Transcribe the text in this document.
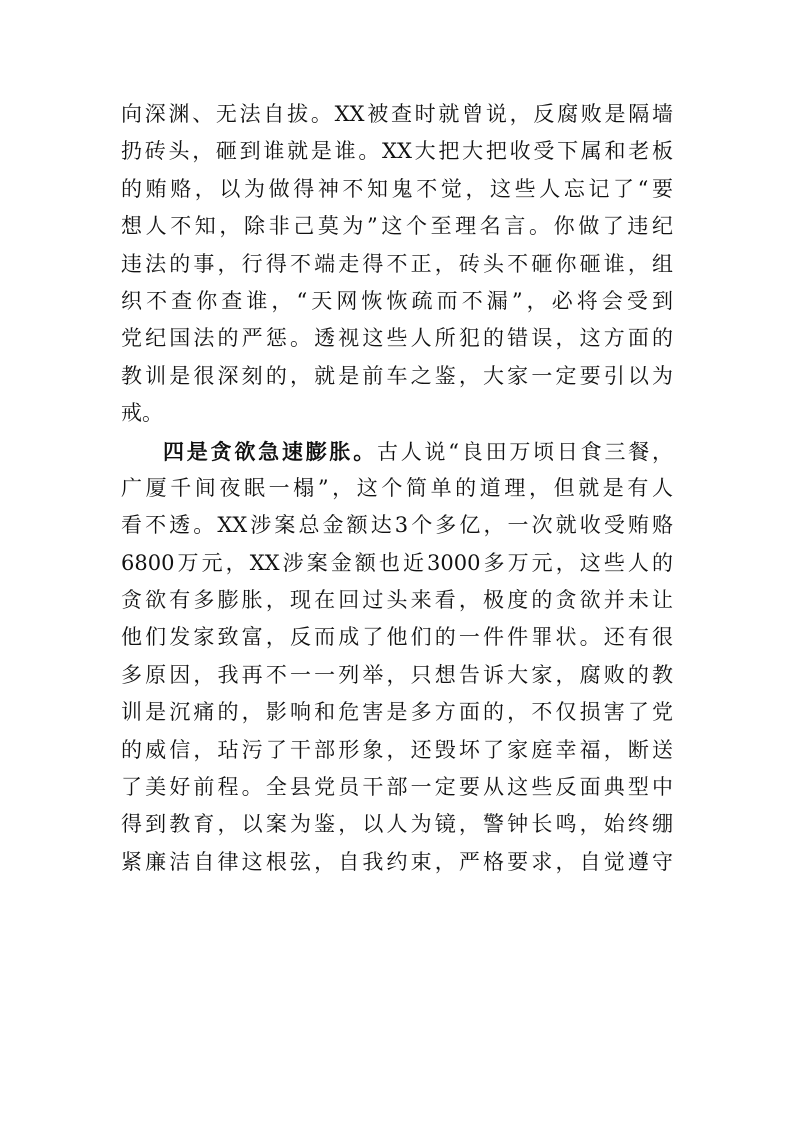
向深渊、无法自拔。XX被查时就曾说，反腐败是隔墙
扔砖头，砸到谁就是谁。XX大把大把收受下属和老板
的贿赂，以为做得神不知鬼不觉，这些人忘记了“要
想人不知，除非己莫为”这个至理名言。你做了违纪
违法的事，行得不端走得不正，砖头不砸你砸谁，组
织不查你查谁，“天网恢恢疏而不漏”，必将会受到
党纪国法的严惩。透视这些人所犯的错误，这方面的
教训是很深刻的，就是前车之鉴，大家一定要引以为
戒。
四是贪欲急速膨胀。古人说“良田万顷日食三餐，
广厦千间夜眠一榻”，这个简单的道理，但就是有人
看不透。XX涉案总金额达3个多亿，一次就收受贿赂
6800万元，XX涉案金额也近3000多万元，这些人的
贪欲有多膨胀，现在回过头来看，极度的贪欲并未让
他们发家致富，反而成了他们的一件件罪状。还有很
多原因，我再不一一列举，只想告诉大家，腐败的教
训是沉痛的，影响和危害是多方面的，不仅损害了党
的威信，玷污了干部形象，还毁坏了家庭幸福，断送
了美好前程。全县党员干部一定要从这些反面典型中
得到教育，以案为鉴，以人为镜，警钟长鸣，始终绷
紧廉洁自律这根弦，自我约束，严格要求，自觉遵守
